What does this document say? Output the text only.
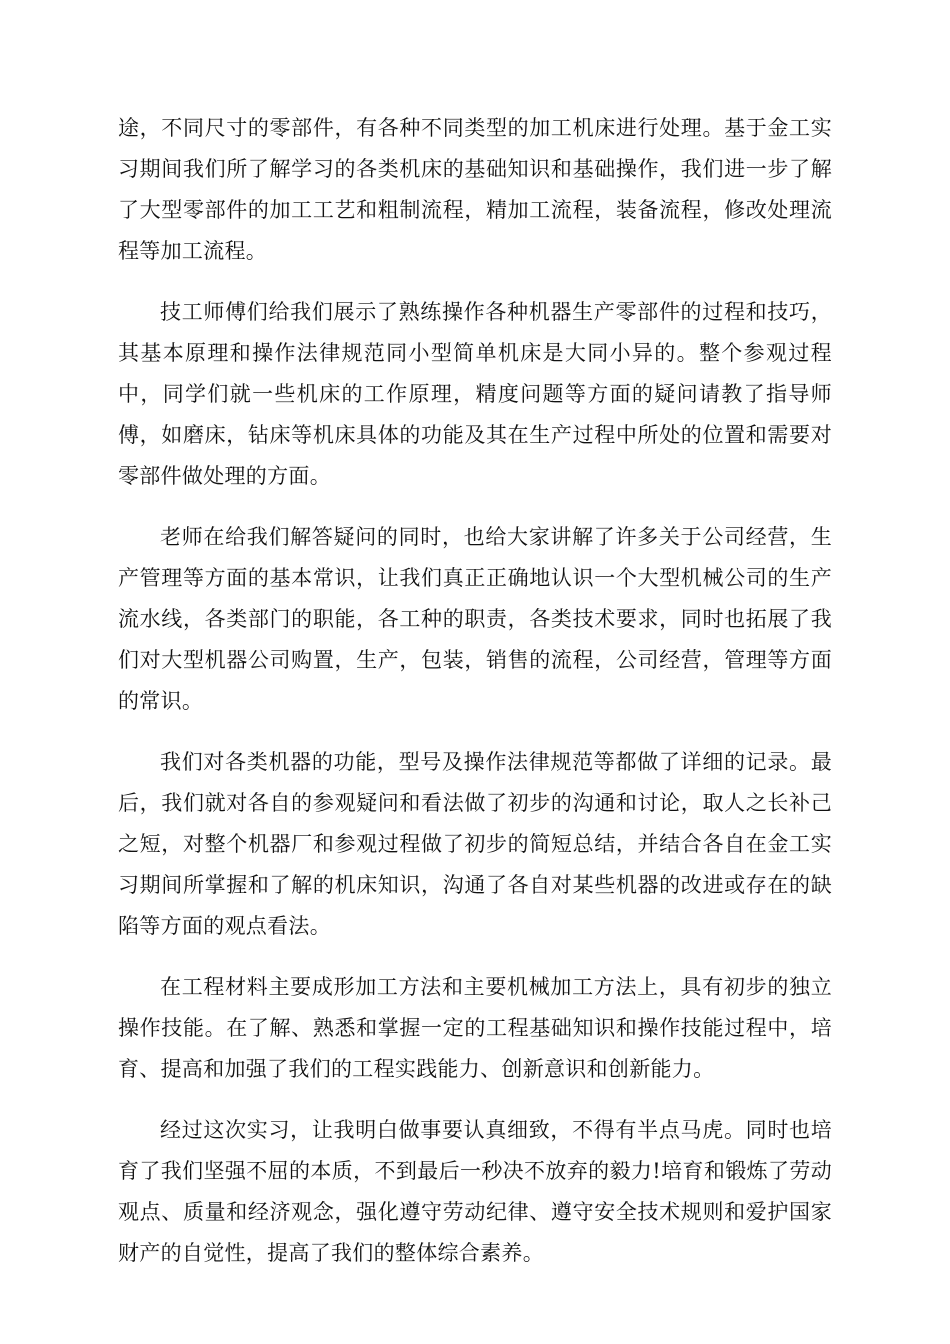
途，不同尺寸的零部件，有各种不同类型的加工机床进行处理。基于金工实习期间我们所了解学习的各类机床的基础知识和基础操作，我们进一步了解了大型零部件的加工工艺和粗制流程，精加工流程，装备流程，修改处理流程等加工流程。

技工师傅们给我们展示了熟练操作各种机器生产零部件的过程和技巧，其基本原理和操作法律规范同小型简单机床是大同小异的。整个参观过程中，同学们就一些机床的工作原理，精度问题等方面的疑问请教了指导师傅，如磨床，钻床等机床具体的功能及其在生产过程中所处的位置和需要对零部件做处理的方面。

老师在给我们解答疑问的同时，也给大家讲解了许多关于公司经营，生产管理等方面的基本常识，让我们真正正确地认识一个大型机械公司的生产流水线，各类部门的职能，各工种的职责，各类技术要求，同时也拓展了我们对大型机器公司购置，生产，包装，销售的流程，公司经营，管理等方面的常识。

我们对各类机器的功能，型号及操作法律规范等都做了详细的记录。最后，我们就对各自的参观疑问和看法做了初步的沟通和讨论，取人之长补己之短，对整个机器厂和参观过程做了初步的简短总结，并结合各自在金工实习期间所掌握和了解的机床知识，沟通了各自对某些机器的改进或存在的缺陷等方面的观点看法。

在工程材料主要成形加工方法和主要机械加工方法上，具有初步的独立操作技能。在了解、熟悉和掌握一定的工程基础知识和操作技能过程中，培育、提高和加强了我们的工程实践能力、创新意识和创新能力。

经过这次实习，让我明白做事要认真细致，不得有半点马虎。同时也培育了我们坚强不屈的本质，不到最后一秒决不放弃的毅力!培育和锻炼了劳动观点、质量和经济观念，强化遵守劳动纪律、遵守安全技术规则和爱护国家财产的自觉性，提高了我们的整体综合素养。
